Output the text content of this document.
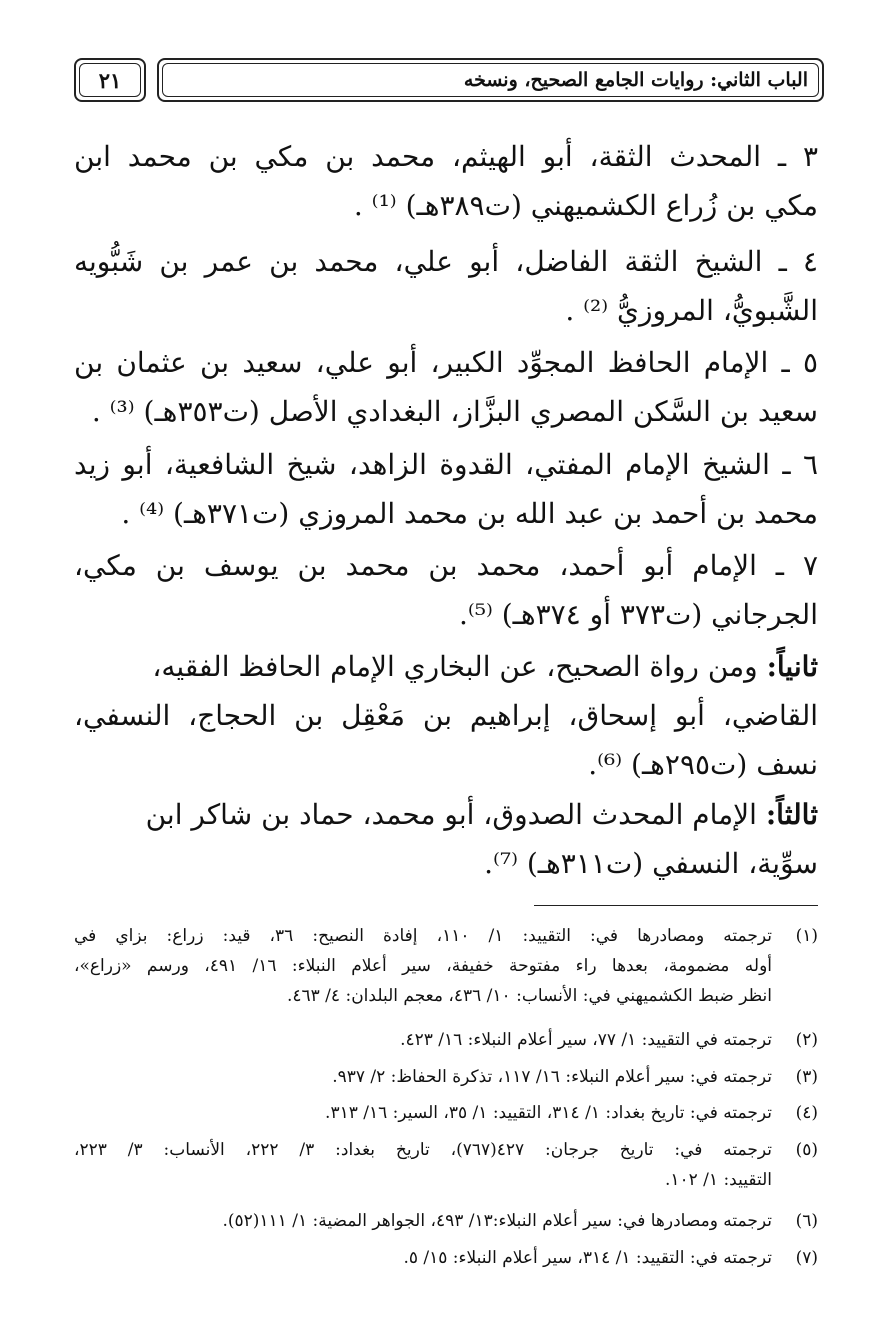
الباب الثاني: روايات الجامع الصحيح، ونسخه
٢١
٣ ـ المحدث الثقة، أبو الهيثم، محمد بن مكي بن محمد ابن
مكي بن زُراع الكشميهني (ت٣٨٩هـ) ⁽¹⁾ .
٤ ـ الشيخ الثقة الفاضل، أبو علي، محمد بن عمر بن شَبُّويه
الشَّبويُّ، المروزيُّ ⁽²⁾ .
٥ ـ الإمام الحافظ المجوِّد الكبير، أبو علي، سعيد بن عثمان بن
سعيد بن السَّكن المصري البزَّاز، البغدادي الأصل (ت٣٥٣هـ) ⁽³⁾ .
٦ ـ الشيخ الإمام المفتي، القدوة الزاهد، شيخ الشافعية، أبو زيد
محمد بن أحمد بن عبد الله بن محمد المروزي (ت٣٧١هـ) ⁽⁴⁾ .
٧ ـ الإمام أبو أحمد، محمد بن محمد بن يوسف بن مكي،
الجرجاني (ت٣٧٣ أو ٣٧٤هـ) ⁽⁵⁾.
ثانياً: ومن رواة الصحيح، عن البخاري الإمام الحافظ الفقيه،
القاضي، أبو إسحاق، إبراهيم بن مَعْقِل بن الحجاج، النسفي،
نسف (ت٢٩٥هـ) ⁽⁶⁾.
ثالثاً: الإمام المحدث الصدوق، أبو محمد، حماد بن شاكر ابن
سوِّية، النسفي (ت٣١١هـ) ⁽⁷⁾.
(١)
ترجمته ومصادرها في: التقييد: ١/ ١١٠، إفادة النصيح: ٣٦، قيد: زراع: بزاي في
أوله مضمومة، بعدها راء مفتوحة خفيفة، سير أعلام النبلاء: ١٦/ ٤٩١، ورسم «زراع»،
انظر ضبط الكشميهني في: الأنساب: ١٠/ ٤٣٦، معجم البلدان: ٤/ ٤٦٣.
(٢)
ترجمته في التقييد: ١/ ٧٧، سير أعلام النبلاء: ١٦/ ٤٢٣.
(٣)
ترجمته في: سير أعلام النبلاء: ١٦/ ١١٧، تذكرة الحفاظ: ٢/ ٩٣٧.
(٤)
ترجمته في: تاريخ بغداد: ١/ ٣١٤، التقييد: ١/ ٣٥، السير: ١٦/ ٣١٣.
(٥)
ترجمته في: تاريخ جرجان: ٤٢٧(٧٦٧)، تاريخ بغداد: ٣/ ٢٢٢، الأنساب: ٣/ ٢٢٣،
التقييد: ١/ ١٠٢.
(٦)
ترجمته ومصادرها في: سير أعلام النبلاء:١٣/ ٤٩٣، الجواهر المضية: ١/ ١١١(٥٢).
(٧)
ترجمته في: التقييد: ١/ ٣١٤، سير أعلام النبلاء: ١٥/ ٥.
